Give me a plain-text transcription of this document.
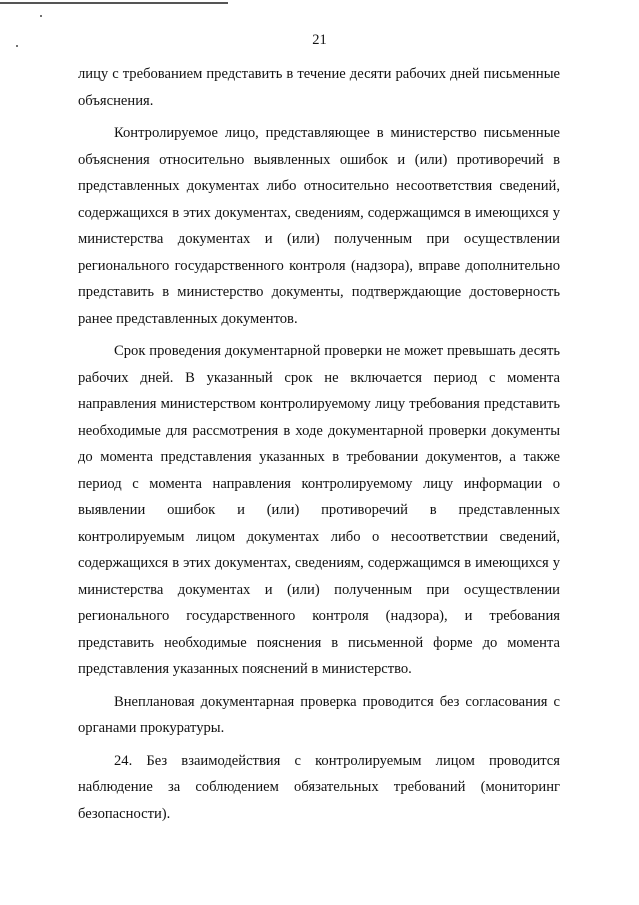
21

лицу с требованием представить в течение десяти рабочих дней письменные объяснения.

Контролируемое лицо, представляющее в министерство письменные объяснения относительно выявленных ошибок и (или) противоречий в представленных документах либо относительно несоответствия сведений, содержащихся в этих документах, сведениям, содержащимся в имеющихся у министерства документах и (или) полученным при осуществлении регионального государственного контроля (надзора), вправе дополнительно представить в министерство документы, подтверждающие достоверность ранее представленных документов.

Срок проведения документарной проверки не может превышать десять рабочих дней. В указанный срок не включается период с момента направления министерством контролируемому лицу требования представить необходимые для рассмотрения в ходе документарной проверки документы до момента представления указанных в требовании документов, а также период с момента направления контролируемому лицу информации о выявлении ошибок и (или) противоречий в представленных контролируемым лицом документах либо о несоответствии сведений, содержащихся в этих документах, сведениям, содержащимся в имеющихся у министерства документах и (или) полученным при осуществлении регионального государственного контроля (надзора), и требования представить необходимые пояснения в письменной форме до момента представления указанных пояснений в министерство.

Внеплановая документарная проверка проводится без согласования с органами прокуратуры.

24. Без взаимодействия с контролируемым лицом проводится наблюдение за соблюдением обязательных требований (мониторинг безопасности).
